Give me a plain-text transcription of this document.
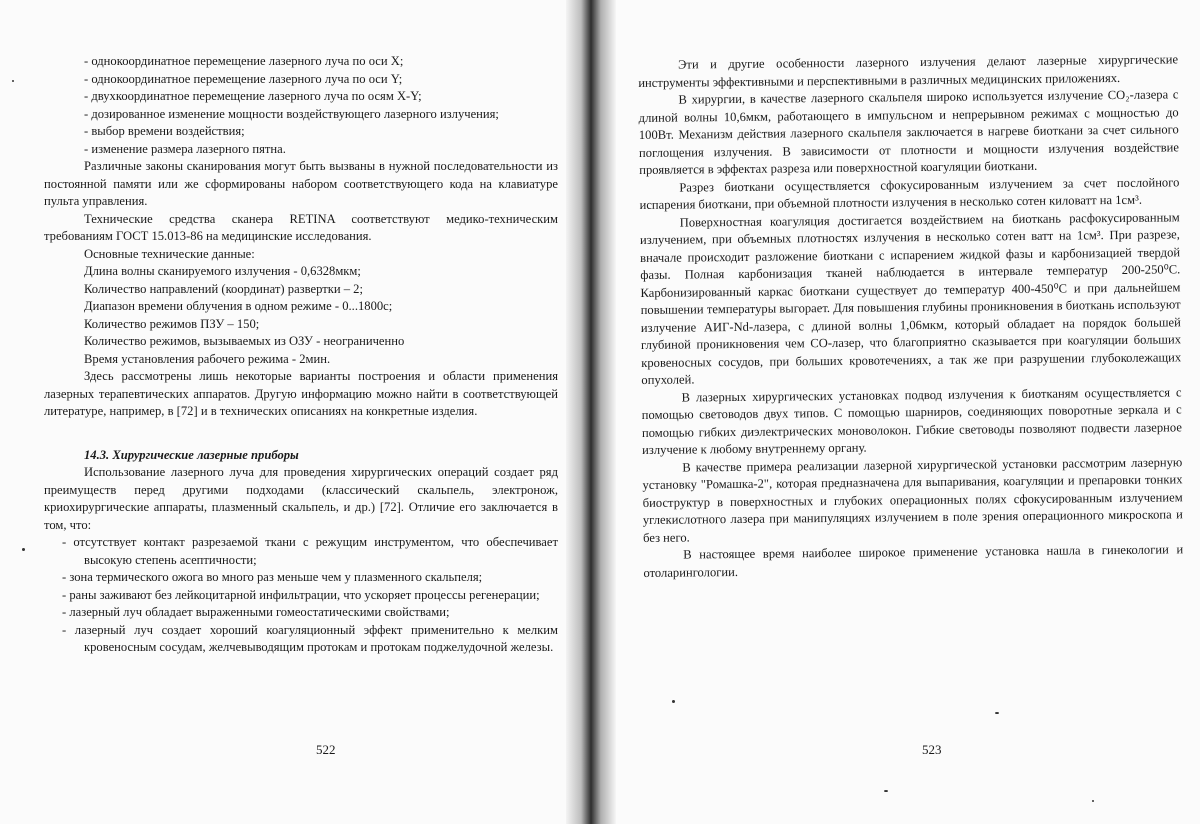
- однокоординатное перемещение лазерного луча по оси X;

- однокоординатное перемещение лазерного луча по оси Y;

- двухкоординатное перемещение лазерного луча по осям X-Y;

- дозированное изменение мощности воздействующего лазерного излучения;

- выбор времени воздействия;

- изменение размера лазерного пятна.

Различные законы сканирования могут быть вызваны в нужной последовательности из постоянной памяти или же сформированы набором соответствующего кода на клавиатуре пульта управления.

Технические средства сканера RETINA соответствуют медико-техническим требованиям ГОСТ 15.013-86 на медицинские исследования.

Основные технические данные:

Длина волны сканируемого излучения - 0,6328мкм;

Количество направлений (координат) развертки – 2;

Диапазон времени облучения в одном режиме - 0...1800с;

Количество режимов ПЗУ – 150;

Количество режимов, вызываемых из ОЗУ - неограниченно

Время установления рабочего режима - 2мин.

Здесь рассмотрены лишь некоторые варианты построения и области применения лазерных терапевтических аппаратов. Другую информацию можно найти в соответствующей литературе, например, в [72] и в технических описаниях на конкретные изделия.

14.3. Хирургические лазерные приборы

Использование лазерного луча для проведения хирургических операций создает ряд преимуществ перед другими подходами (классический скальпель, электронож, криохирургические аппараты, плазменный скальпель, и др.) [72]. Отличие его заключается в том, что:

- отсутствует контакт разрезаемой ткани с режущим инструментом, что обеспечивает высокую степень асептичности;

- зона термического ожога во много раз меньше чем у плазменного скальпеля;

- раны заживают без лейкоцитарной инфильтрации, что ускоряет процессы регенерации;

- лазерный луч обладает выраженными гомеостатическими свойствами;

- лазерный луч создает хороший коагуляционный эффект применительно к мелким кровеносным сосудам, желчевыводящим протокам и протокам поджелудочной железы.

522

Эти и другие особенности лазерного излучения делают лазерные хирургические инструменты эффективными и перспективными в различных медицинских приложениях.

В хирургии, в качестве лазерного скальпеля широко используется излучение CO₂-лазера с длиной волны 10,6мкм, работающего в импульсном и непрерывном режимах с мощностью до 100Вт. Механизм действия лазерного скальпеля заключается в нагреве биоткани за счет сильного поглощения излучения. В зависимости от плотности и мощности излучения воздействие проявляется в эффектах разреза или поверхностной коагуляции биоткани.

Разрез биоткани осуществляется сфокусированным излучением за счет послойного испарения биоткани, при объемной плотности излучения в несколько сотен киловатт на 1см³.

Поверхностная коагуляция достигается воздействием на биоткань расфокусированным излучением, при объемных плотностях излучения в несколько сотен ватт на 1см³. При разрезе, вначале происходит разложение биоткани с испарением жидкой фазы и карбонизацией твердой фазы. Полная карбонизация тканей наблюдается в интервале температур 200-250⁰С. Карбонизированный каркас биоткани существует до температур 400-450⁰С и при дальнейшем повышении температуры выгорает. Для повышения глубины проникновения в биоткань используют излучение АИГ-Nd-лазера, с длиной волны 1,06мкм, который обладает на порядок большей глубиной проникновения чем СО-лазер, что благоприятно сказывается при коагуляции больших кровеносных сосудов, при больших кровотечениях, а так же при разрушении глубоколежащих опухолей.

В лазерных хирургических установках подвод излучения к биотканям осуществляется с помощью световодов двух типов. С помощью шарниров, соединяющих поворотные зеркала и с помощью гибких диэлектрических моноволокон. Гибкие световоды позволяют подвести лазерное излучение к любому внутреннему органу.

В качестве примера реализации лазерной хирургической установки рассмотрим лазерную установку "Ромашка-2", которая предназначена для выпаривания, коагуляции и препаровки тонких биоструктур в поверхностных и глубоких операционных полях сфокусированным излучением углекислотного лазера при манипуляциях излучением в поле зрения операционного микроскопа и без него.

В настоящее время наиболее широкое применение установка нашла в гинекологии и отоларингологии.

523
